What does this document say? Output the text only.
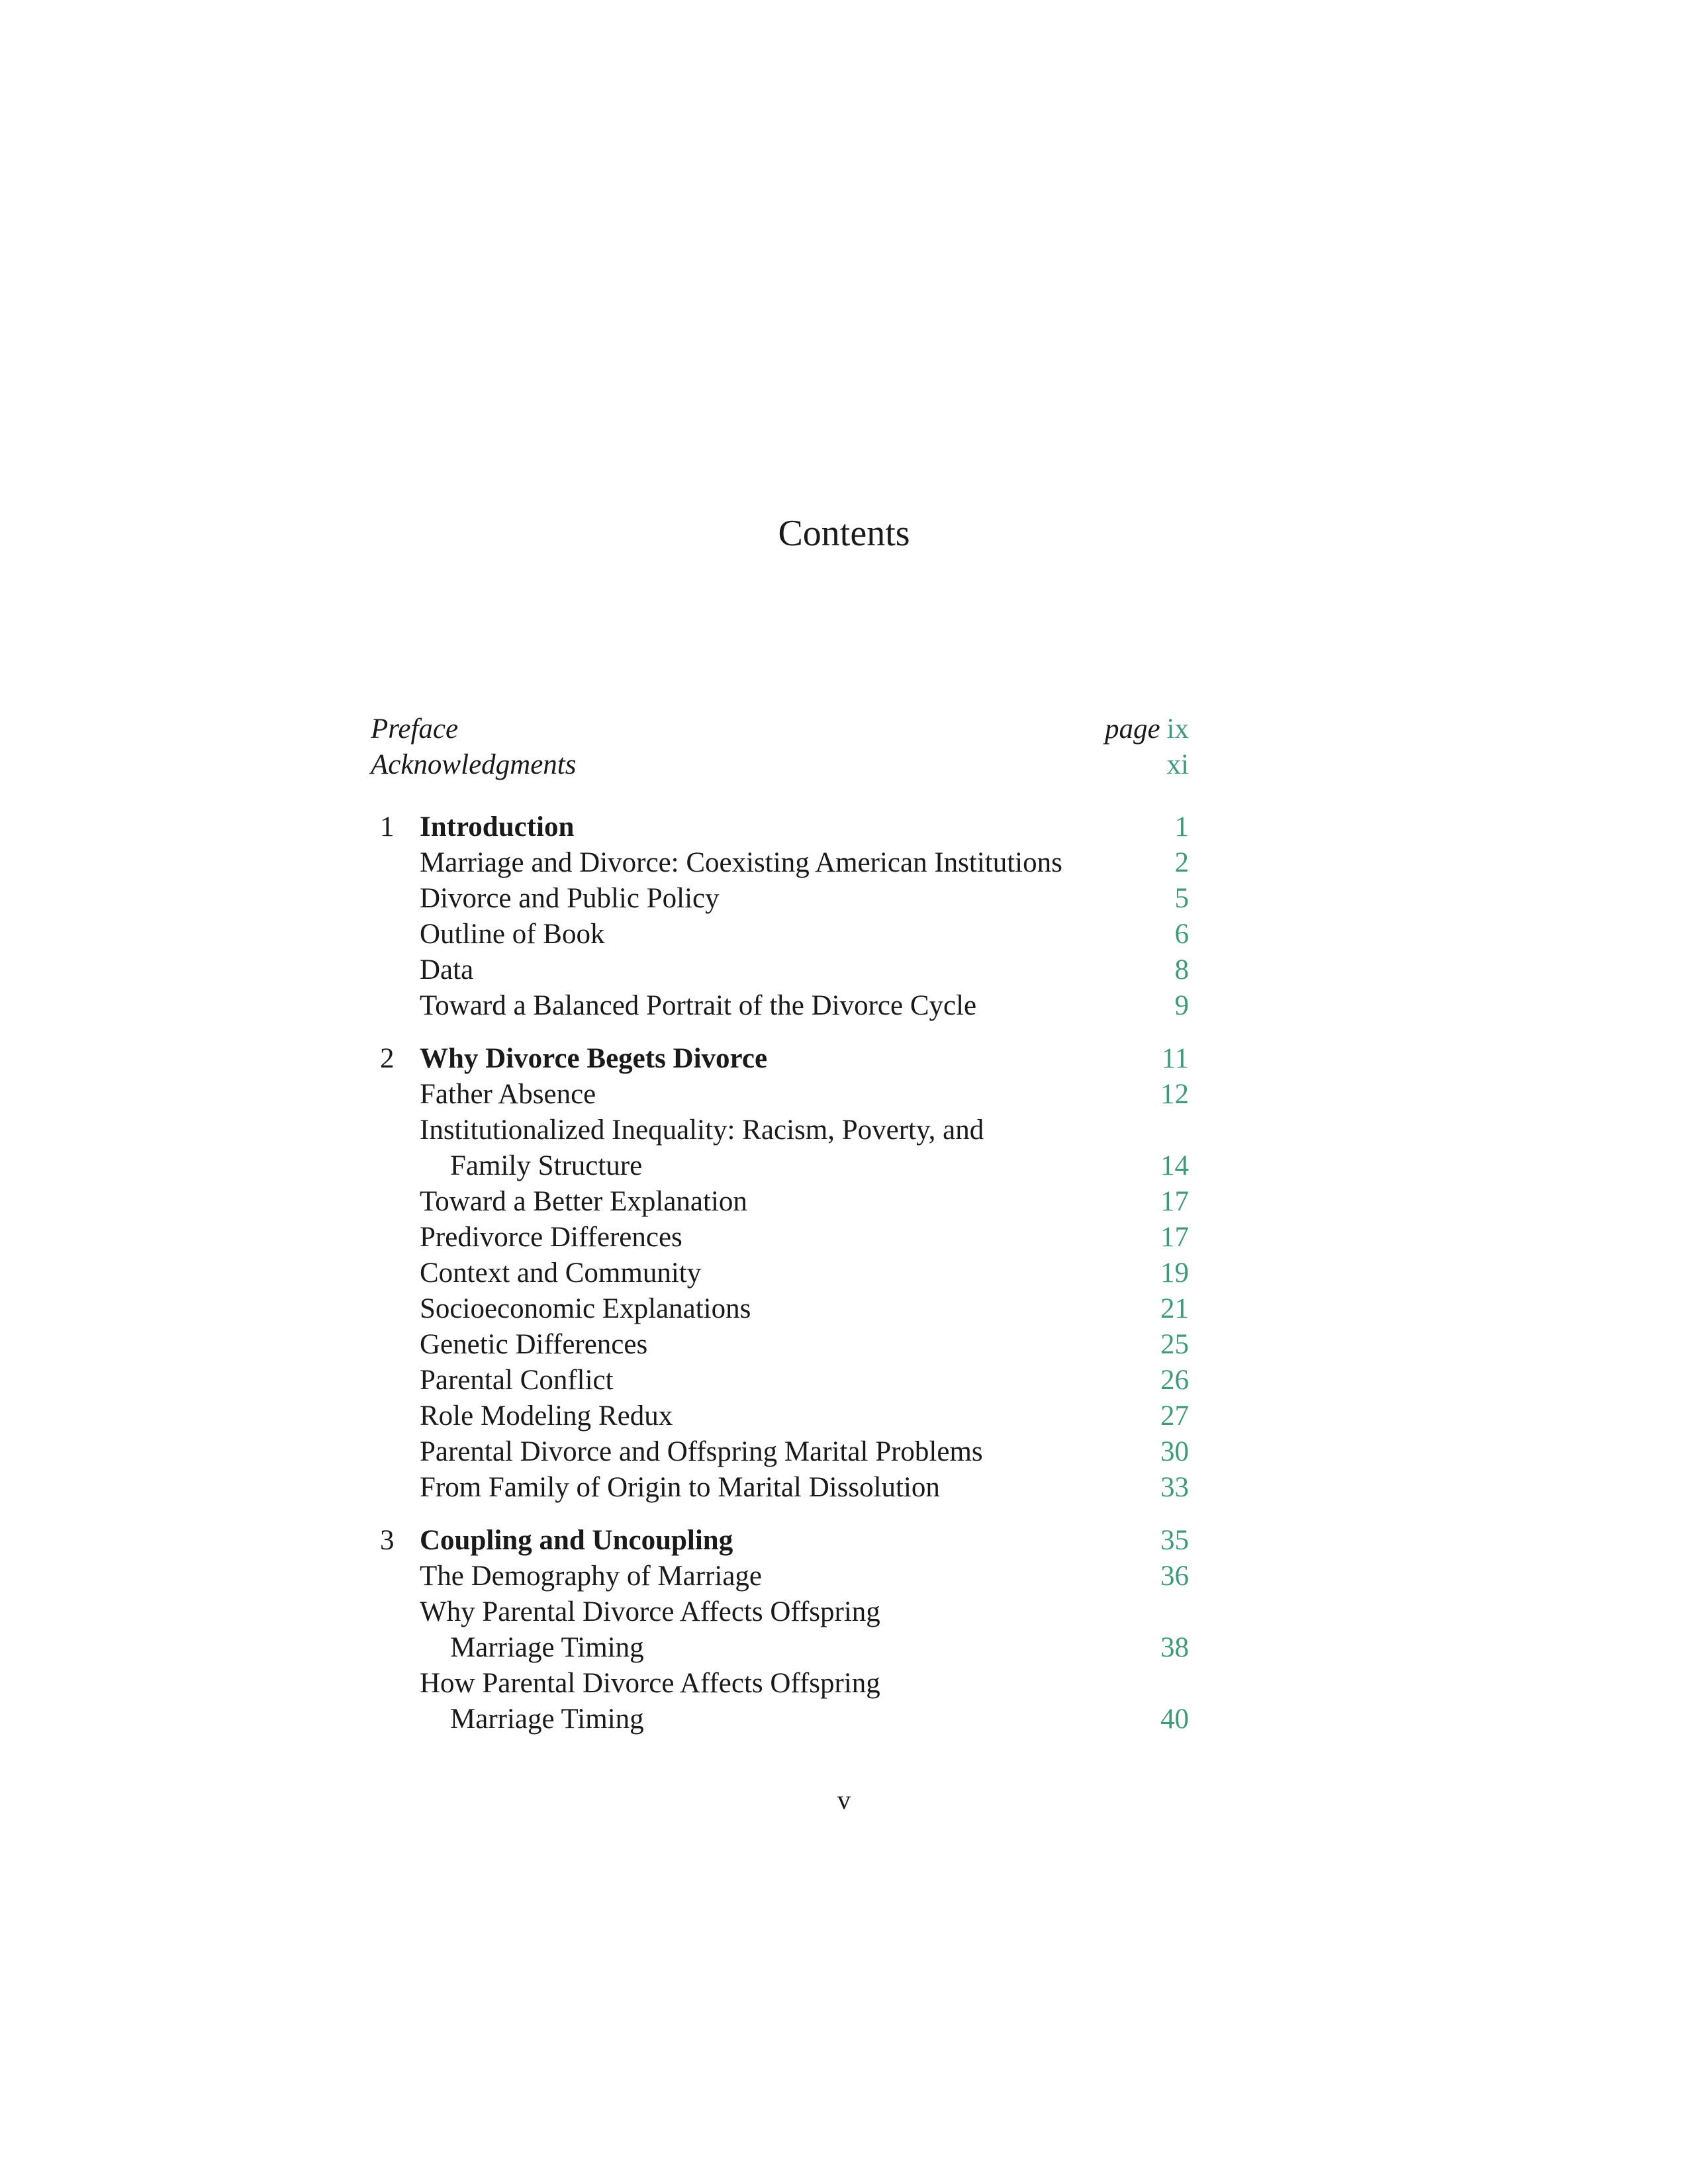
Contents
Preface	page ix
Acknowledgments	xi
1 Introduction	1
Marriage and Divorce: Coexisting American Institutions	2
Divorce and Public Policy	5
Outline of Book	6
Data	8
Toward a Balanced Portrait of the Divorce Cycle	9
2 Why Divorce Begets Divorce	11
Father Absence	12
Institutionalized Inequality: Racism, Poverty, and
Family Structure	14
Toward a Better Explanation	17
Predivorce Differences	17
Context and Community	19
Socioeconomic Explanations	21
Genetic Differences	25
Parental Conflict	26
Role Modeling Redux	27
Parental Divorce and Offspring Marital Problems	30
From Family of Origin to Marital Dissolution	33
3 Coupling and Uncoupling	35
The Demography of Marriage	36
Why Parental Divorce Affects Offspring
Marriage Timing	38
How Parental Divorce Affects Offspring
Marriage Timing	40
v
